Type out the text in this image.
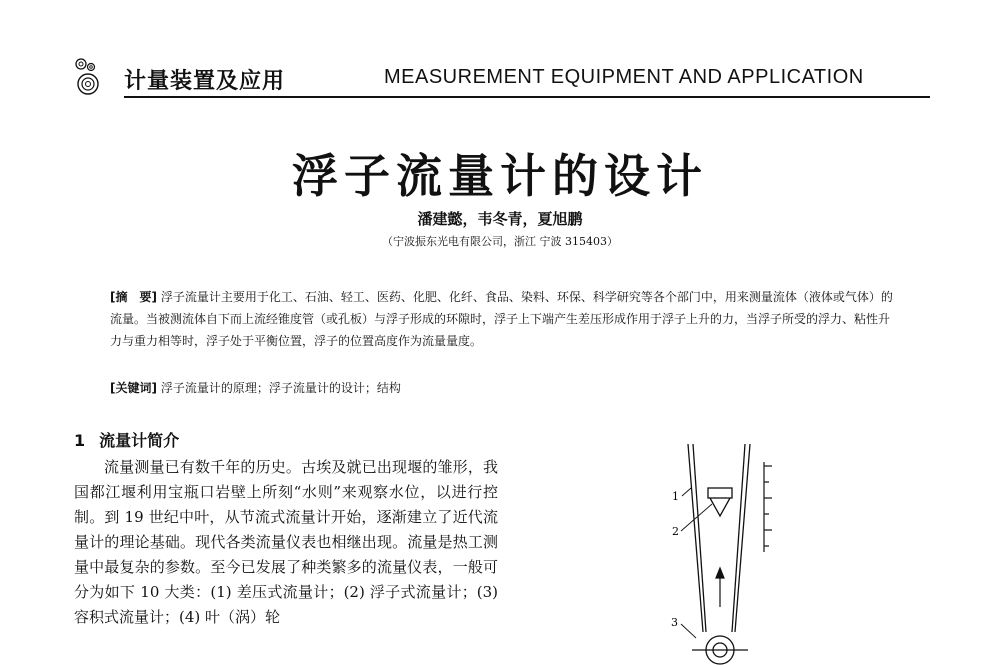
计量装置及应用	MEASUREMENT EQUIPMENT AND APPLICATION
浮子流量计的设计
潘建懿，韦冬青，夏旭鹏
（宁波振东光电有限公司，浙江 宁波 315403）
[摘　要] 浮子流量计主要用于化工、石油、轻工、医药、化肥、化纤、食品、染料、环保、科学研究等各个部门中，用来测量流体（液体或气体）的流量。当被测流体自下而上流经锥度管（或孔板）与浮子形成的环隙时，浮子上下端产生差压形成作用于浮子上升的力，当浮子所受的浮力、粘性升力与重力相等时，浮子处于平衡位置，浮子的位置高度作为流量量度。
[关键词] 浮子流量计的原理；浮子流量计的设计；结构
1 流量计简介
流量测量已有数千年的历史。古埃及就已出现堰的雏形，我国都江堰利用宝瓶口岩壁上所刻“水则”来观察水位，以进行控制。到 19 世纪中叶，从节流式流量计开始，逐渐建立了近代流量计的理论基础。现代各类流量仪表也相继出现。流量是热工测量中最复杂的参数。至今已发展了种类繁多的流量仪表，一般可分为如下 10 大类：(1) 差压式流量计；(2) 浮子式流量计；(3) 容积式流量计；(4) 叶（涡）轮
1
2
3
